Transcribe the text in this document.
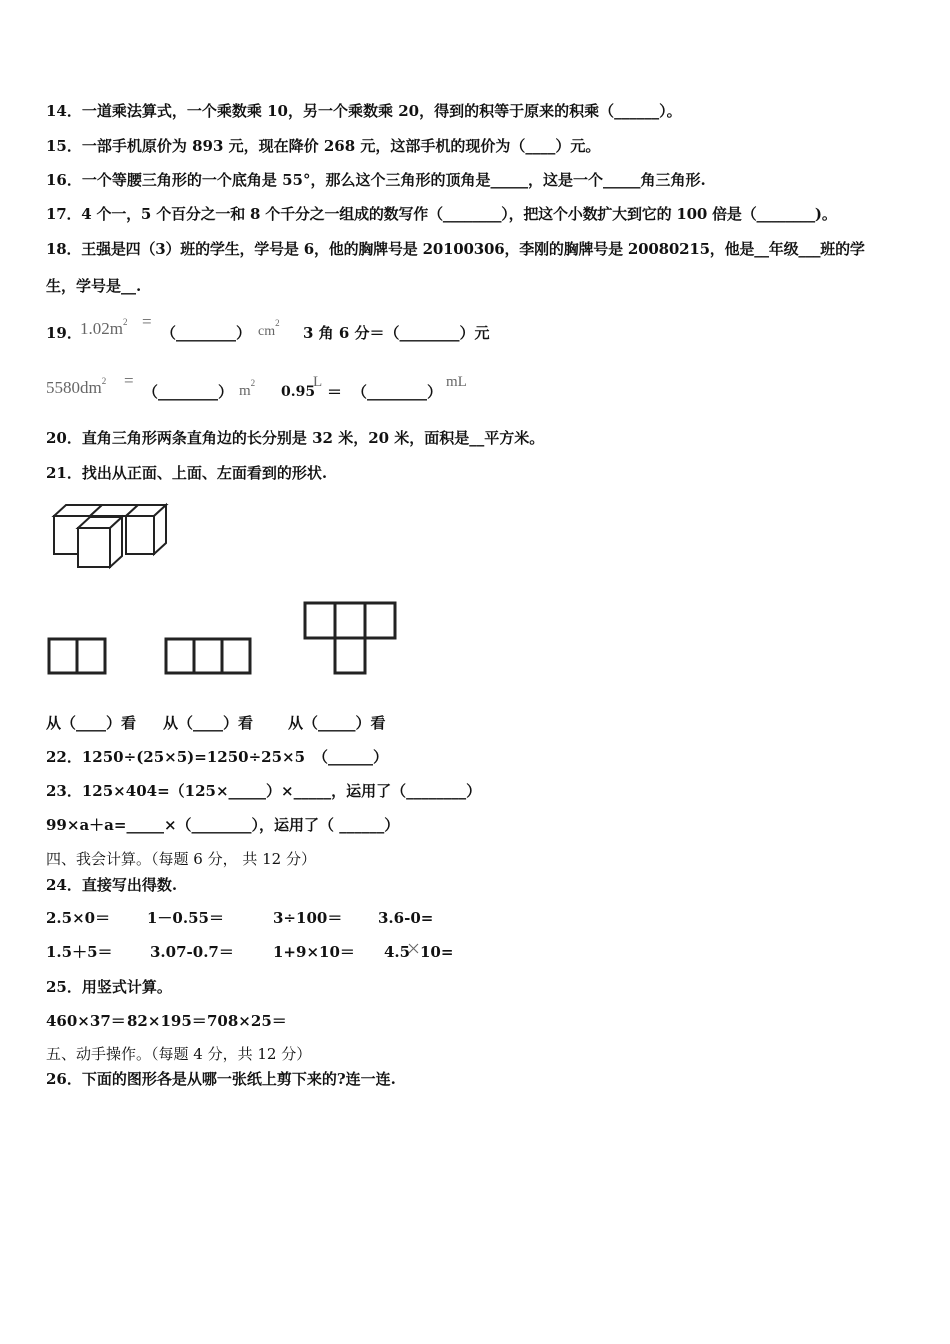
14．一道乘法算式，一个乘数乘 10，另一个乘数乘 20，得到的积等于原来的积乘（______）。
15．一部手机原价为 893 元，现在降价 268 元，这部手机的现价为（____）元。
16．一个等腰三角形的一个底角是 55°，那么这个三角形的顶角是_____，这是一个_____角三角形.
17．4 个一，5 个百分之一和 8 个千分之一组成的数写作（________），把这个小数扩大到它的 100 倍是（________)。
18．王强是四（3）班的学生，学号是 6，他的胸牌号是 20100306，李刚的胸牌号是 20080215，他是__年级___班的学
生，学号是__.
19．
$1.02m^2$ =
（________） $cm^2$
3 角 6 分＝（________）元
$5580dm^2$ =
（________） $m^2$
0.95
L
＝ （________）
mL
20．直角三角形两条直角边的长分别是 32 米，20 米，面积是__平方米。
21．找出从正面、上面、左面看到的形状.
从（____）看 从（____）看 从（_____）看
22．1250÷(25×5)=1250÷25×5 （______）
23．125×404=（125×_____）×_____，运用了（________）
99×a＋a=_____×（________），运用了（ ______）
四、我会计算。（每题 6 分， 共 12 分）
24．直接写出得数.
2.5×0＝ 1－0.55＝	3÷100＝ 3.6-0=
1.5＋5＝ 3.07-0.7＝	1+9×10＝ 4.5 10=
25．用竖式计算。
460×37＝ 82×195＝ 708×25＝
五、动手操作。（每题 4 分，共 12 分）
26．下面的图形各是从哪一张纸上剪下来的?连一连.
